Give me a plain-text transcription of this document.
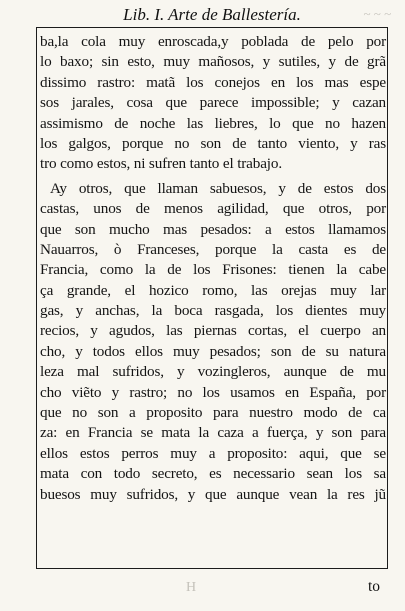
~ ~ ~
Lib. I. Arte de Ballestería.
ba,la cola muy enroscada,y poblada de pelo por
lo baxo; sin esto, muy mañosos, y sutiles, y de grã
dissimo rastro: matã los conejos en los mas espe
sos jarales, cosa que parece impossible; y cazan
assimismo de noche las liebres, lo que no hazen
los galgos, porque no son de tanto viento, y ras
tro como estos, ni sufren tanto el trabajo.
Ay otros, que llaman sabuesos, y de estos dos
castas, unos de menos agilidad, que otros, por
que son mucho mas pesados: a estos llamamos
Nauarros, ò Franceses, porque la casta es de
Francia, como la de los Frisones: tienen la cabe
ça grande, el hozico romo, las orejas muy lar
gas, y anchas, la boca rasgada, los dientes muy
recios, y agudos, las piernas cortas, el cuerpo an
cho, y todos ellos muy pesados; son de su natura
leza mal sufridos, y vozingleros, aunque de mu
cho viẽto y rastro; no los usamos en España, por
que no son a proposito para nuestro modo de ca
za: en Francia se mata la caza a fuerça, y son para
ellos estos perros muy a proposito: aqui, que se
mata con todo secreto, es necessario sean los sa
buesos muy sufridos, y que aunque vean la res jũ
H	to
